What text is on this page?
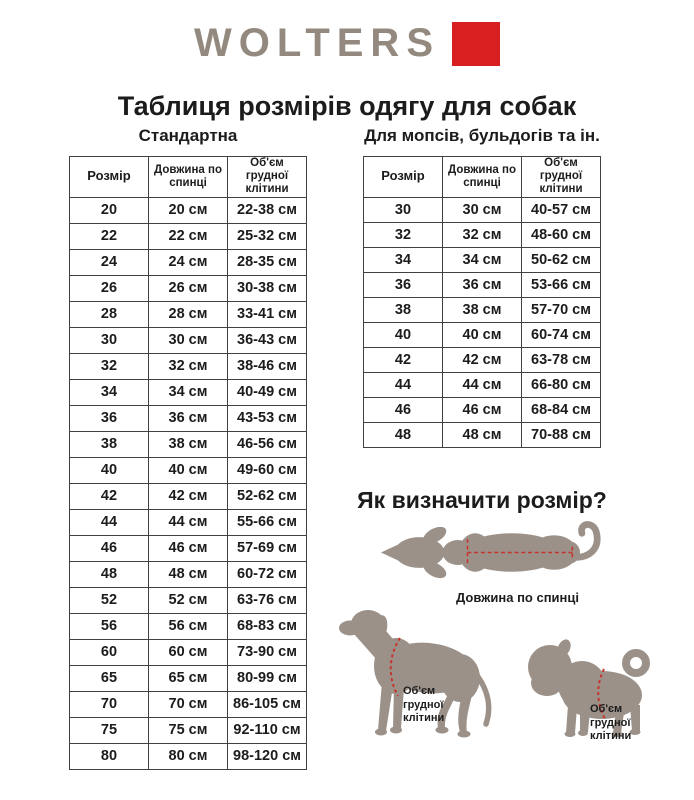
WOLTERS
Таблиця розмірів одягу для собак
Стандартна
Розмір	Довжина по спинці	Об'єм грудної клітини
20	20 см	22-38 см
22	22 см	25-32 см
24	24 см	28-35 см
26	26 см	30-38 см
28	28 см	33-41 см
30	30 см	36-43 см
32	32 см	38-46 см
34	34 см	40-49 см
36	36 см	43-53 см
38	38 см	46-56 см
40	40 см	49-60 см
42	42 см	52-62 см
44	44 см	55-66 см
46	46 см	57-69 см
48	48 см	60-72 см
52	52 см	63-76 см
56	56 см	68-83 см
60	60 см	73-90 см
65	65 см	80-99 см
70	70 см	86-105 см
75	75 см	92-110 см
80	80 см	98-120 см
Для мопсів, бульдогів та ін.
Розмір	Довжина по спинці	Об'єм грудної клітини
30	30 см	40-57 см
32	32 см	48-60 см
34	34 см	50-62 см
36	36 см	53-66 см
38	38 см	57-70 см
40	40 см	60-74 см
42	42 см	63-78 см
44	44 см	66-80 см
46	46 см	68-84 см
48	48 см	70-88 см
Як визначити розмір?
Довжина по спинці
Об'єм
грудної
клітини
Об'єм
грудної
клітини
